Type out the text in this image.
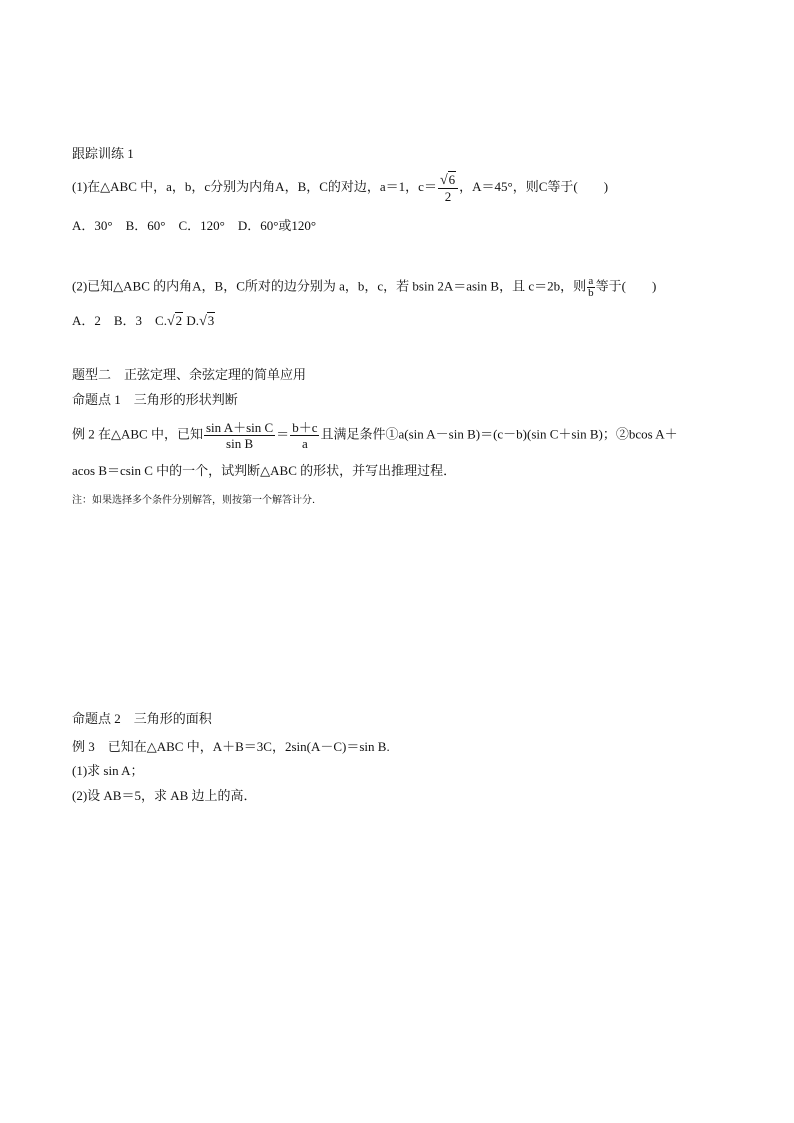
跟踪训练 1
(1)在△ABC 中，a，b，c分别为内角A，B，C的对边，a＝1，$c= \frac{√6}{2}$ ，A＝45°，则C等于(　　)
A．30°　B．60°　C．120°　D．60°或120°
(2)已知△ABC 的内角A，B，C所对的边分别为 a，b，c，若 bsin 2A＝asin B，且 c＝2b，则 $\frac{a}{b}$ 等于(　　)
A．2　B．3　C.√2 D.√3
题型二　正弦定理、余弦定理的简单应用
命题点 1　三角形的形状判断
例 2 在△ABC 中，已知 $\frac{\text{sin A＋sin C}}{\text{sin B}} = \frac{b+c}{a}$ 且满足条件①a(sin A－sin B)＝(c－b)(sin C＋sin B)；②bcos A＋
acos B＝csin C 中的一个，试判断△ABC 的形状，并写出推理过程．
注：如果选择多个条件分别解答，则按第一个解答计分．
命题点 2　三角形的面积
例 3　已知在△ABC 中，A＋B＝3C，2sin(A－C)＝sin B.
(1)求 sin A；
(2)设 AB＝5，求 AB 边上的高．
